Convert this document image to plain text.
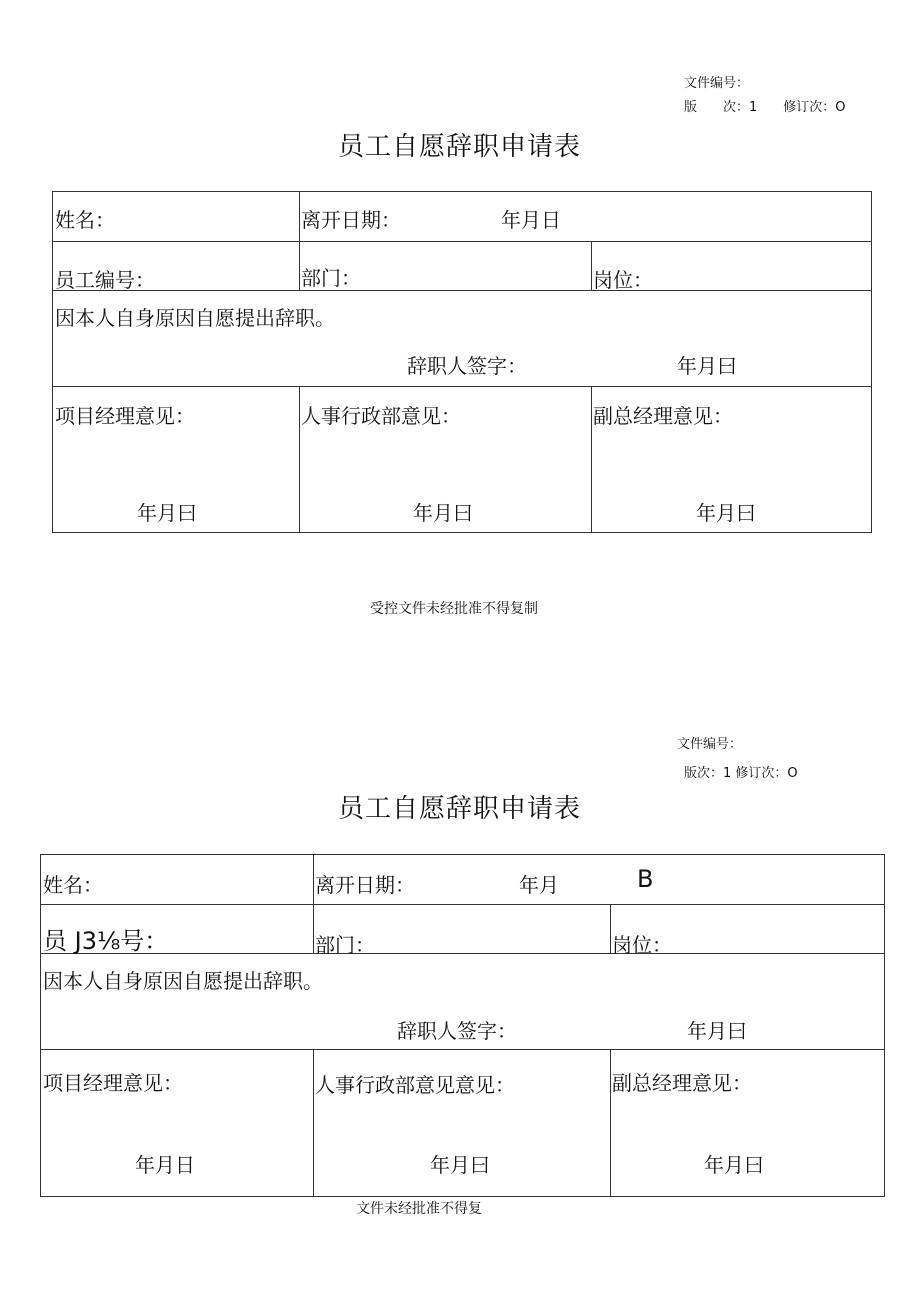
文件编号：
版　　次：1　　修订次：O
员工自愿辞职申请表
姓名：	离开日期：	年月日
员工编号：	部门：	岗位：
因本人自身原因自愿提出辞职。
辞职人签字：	年月曰
项目经理意见：	人事行政部意见：	副总经理意见：
年月曰	年月曰	年月曰
受控文件未经批准不得复制
文件编号：
版次：1 修订次：O
员工自愿辞职申请表
姓名：	离开日期：	年月	B
员 J3⅛号：	部门：	岗位：
因本人自身原因自愿提出辞职。
辞职人签字：	年月曰
项目经理意见：	人事行政部意见意见：	副总经理意见：
年月日	年月曰	年月曰
文件未经批准不得复
